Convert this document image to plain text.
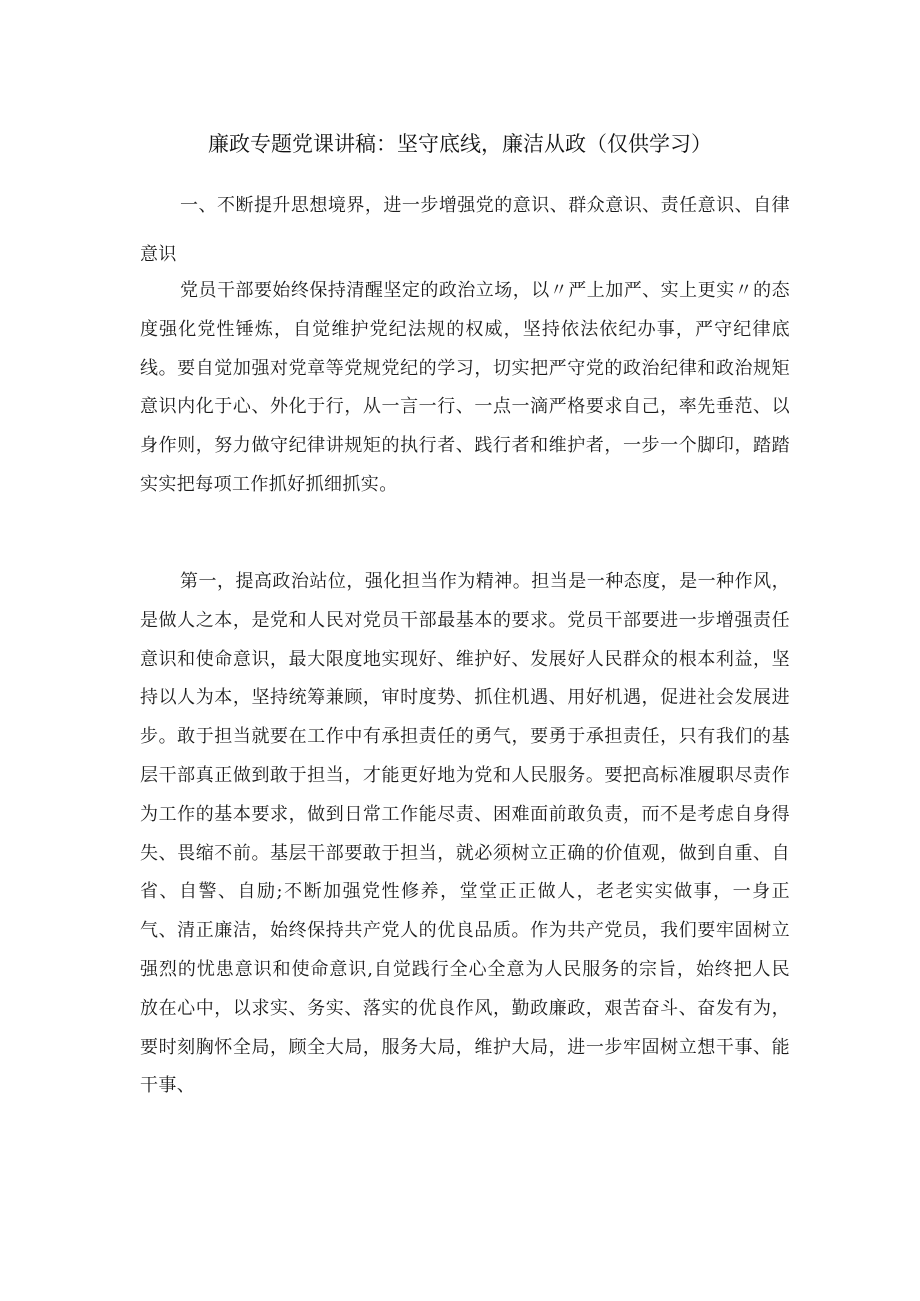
廉政专题党课讲稿：坚守底线，廉洁从政（仅供学习）
一、不断提升思想境界，进一步增强党的意识、群众意识、责任意识、自律意识
党员干部要始终保持清醒坚定的政治立场，以〃严上加严、实上更实〃的态度强化党性锤炼，自觉维护党纪法规的权威，坚持依法依纪办事，严守纪律底线。要自觉加强对党章等党规党纪的学习，切实把严守党的政治纪律和政治规矩意识内化于心、外化于行，从一言一行、一点一滴严格要求自己，率先垂范、以身作则，努力做守纪律讲规矩的执行者、践行者和维护者，一步一个脚印，踏踏实实把每项工作抓好抓细抓实。
第一，提高政治站位，强化担当作为精神。担当是一种态度，是一种作风，是做人之本，是党和人民对党员干部最基本的要求。党员干部要进一步增强责任意识和使命意识，最大限度地实现好、维护好、发展好人民群众的根本利益，坚持以人为本，坚持统筹兼顾，审时度势、抓住机遇、用好机遇，促进社会发展进步。敢于担当就要在工作中有承担责任的勇气，要勇于承担责任，只有我们的基层干部真正做到敢于担当，才能更好地为党和人民服务。要把高标准履职尽责作为工作的基本要求，做到日常工作能尽责、困难面前敢负责，而不是考虑自身得失、畏缩不前。基层干部要敢于担当，就必须树立正确的价值观，做到自重、自省、自警、自励;不断加强党性修养，堂堂正正做人，老老实实做事，一身正气、清正廉洁，始终保持共产党人的优良品质。作为共产党员，我们要牢固树立强烈的忧患意识和使命意识,自觉践行全心全意为人民服务的宗旨，始终把人民放在心中，以求实、务实、落实的优良作风，勤政廉政，艰苦奋斗、奋发有为，要时刻胸怀全局，顾全大局，服务大局，维护大局，进一步牢固树立想干事、能干事、
